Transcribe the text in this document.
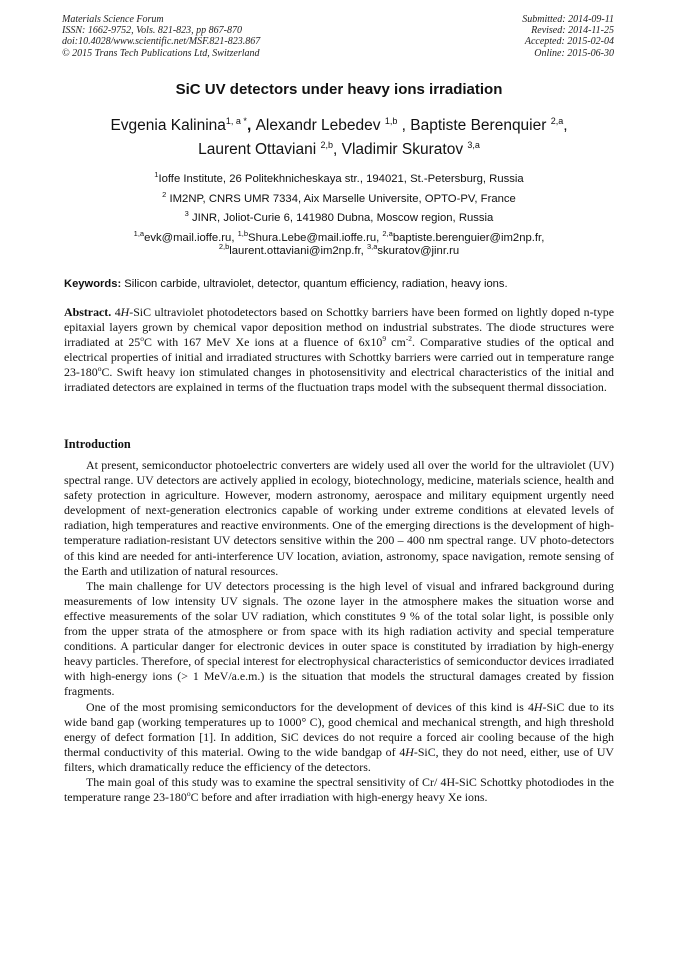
Materials Science Forum
ISSN: 1662-9752, Vols. 821-823, pp 867-870
doi:10.4028/www.scientific.net/MSF.821-823.867
© 2015 Trans Tech Publications Ltd, Switzerland
Submitted: 2014-09-11
Revised: 2014-11-25
Accepted: 2015-02-04
Online: 2015-06-30
SiC UV detectors under heavy ions irradiation
Evgenia Kalinina$^{1, a *}$, Alexandr Lebedev $^{1,b}$ , Baptiste Berenquier $^{2,a}$,
Laurent Ottaviani $^{2,b}$, Vladimir Skuratov $^{3,a}$
$^1$Ioffe Institute, 26 Politekhnicheskaya str., 194021, St.-Petersburg, Russia
$^2$ IM2NP, CNRS UMR 7334, Aix Marselle Universite, OPTO-PV, France
$^3$ JINR, Joliot-Curie 6, 141980 Dubna, Moscow region, Russia
$^{1,a}$evk@mail.ioffe.ru, $^{1,b}$Shura.Lebe@mail.ioffe.ru, $^{2,a}$baptiste.berenguier@im2np.fr,
$^{2,b}$laurent.ottaviani@im2np.fr, $^{3,a}$skuratov@jinr.ru
Keywords: Silicon carbide, ultraviolet, detector, quantum efficiency, radiation, heavy ions.
Abstract. 4H-SiC ultraviolet photodetectors based on Schottky barriers have been formed on lightly doped n-type epitaxial layers grown by chemical vapor deposition method on industrial substrates. The diode structures were irradiated at 25$^o$C with 167 MeV Xe ions at a fluence of $6x10^9$ $cm^{-2}$. Comparative studies of the optical and electrical properties of initial and irradiated structures with Schottky barriers were carried out in temperature range 23-180$^o$C. Swift heavy ion stimulated changes in photosensitivity and electrical characteristics of the initial and irradiated detectors are explained in terms of the fluctuation traps model with the subsequent thermal dissociation.
Introduction

At present, semiconductor photoelectric converters are widely used all over the world for the ultraviolet (UV) spectral range. UV detectors are actively applied in ecology, biotechnology, medicine, materials science, health and safety protection in agriculture. However, modern astronomy, aerospace and military equipment urgently need development of next-generation electronics capable of working under extreme conditions at elevated levels of radiation, high temperatures and reactive environments. One of the emerging directions is the development of high-temperature radiation-resistant UV detectors sensitive within the 200 – 400 nm spectral range. UV photo-detectors of this kind are needed for anti-interference UV location, aviation, astronomy, space navigation, remote sensing of the Earth and utilization of natural resources.

The main challenge for UV detectors processing is the high level of visual and infrared background during measurements of low intensity UV signals. The ozone layer in the atmosphere makes the situation worse and effective measurements of the solar UV radiation, which constitutes 9 % of the total solar light, is possible only from the upper strata of the atmosphere or from space with its high radiation activity and special temperature conditions. A particular danger for electronic devices in outer space is constituted by irradiation by high-energy heavy particles. Therefore, of special interest for electrophysical characteristics of semiconductor devices irradiated with high-energy ions (> 1 MeV/a.e.m.) is the situation that models the structural damages created by fission fragments.

One of the most promising semiconductors for the development of devices of this kind is 4H-SiC due to its wide band gap (working temperatures up to 1000° C), good chemical and mechanical strength, and high threshold energy of defect formation [1]. In addition, SiC devices do not require a forced air cooling because of the high thermal conductivity of this material. Owing to the wide bandgap of 4H-SiC, they do not need, either, use of UV filters, which dramatically reduce the efficiency of the detectors.

The main goal of this study was to examine the spectral sensitivity of Cr/ 4H-SiC Schottky photodiodes in the temperature range 23-180$^o$C before and after irradiation with high-energy heavy Xe ions.
